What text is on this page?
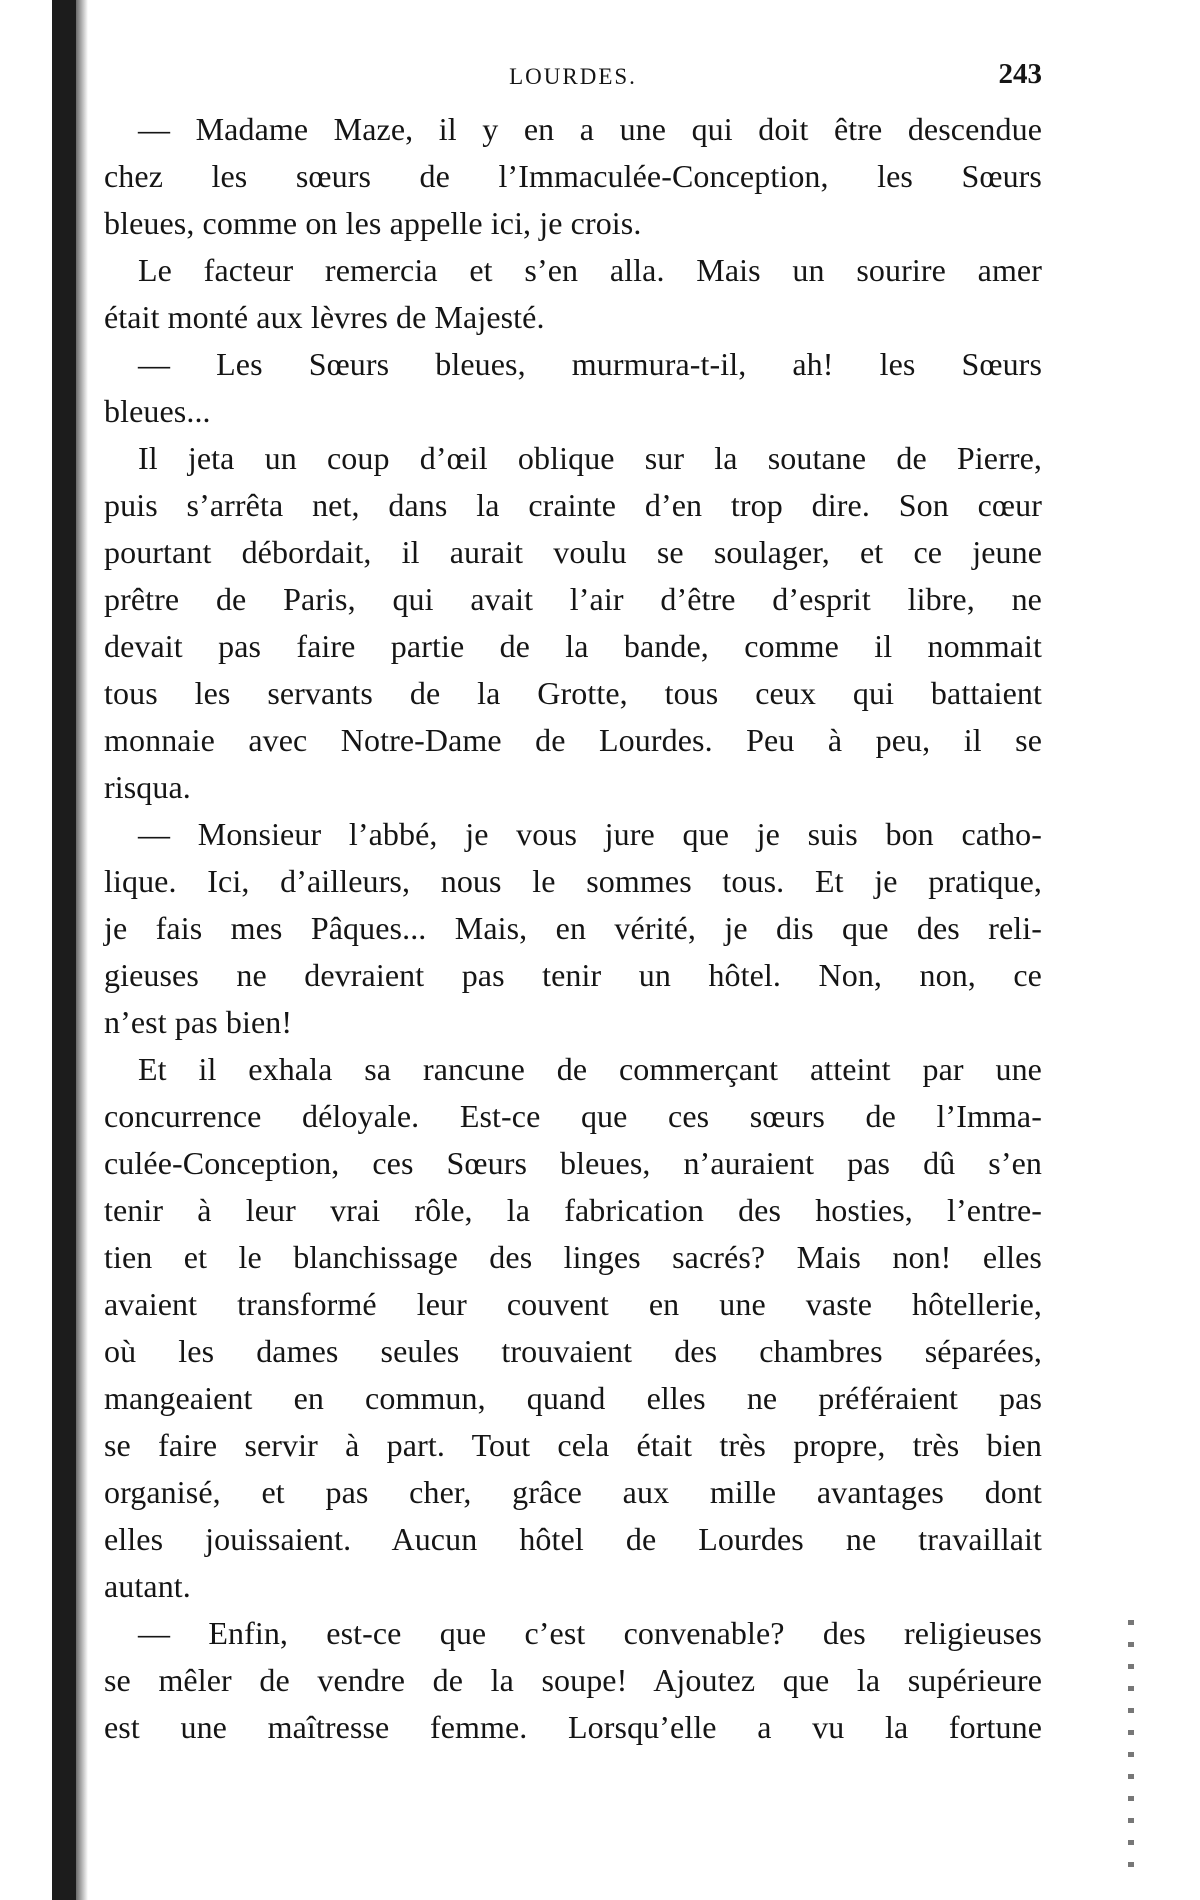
LOURDES.	243
— Madame Maze, il y en a une qui doit être descendue
chez les sœurs de l’Immaculée-Conception, les Sœurs
bleues, comme on les appelle ici, je crois.
Le facteur remercia et s’en alla. Mais un sourire amer
était monté aux lèvres de Majesté.
— Les Sœurs bleues, murmura-t-il, ah! les Sœurs
bleues...
Il jeta un coup d’œil oblique sur la soutane de Pierre,
puis s’arrêta net, dans la crainte d’en trop dire. Son cœur
pourtant débordait, il aurait voulu se soulager, et ce jeune
prêtre de Paris, qui avait l’air d’être d’esprit libre, ne
devait pas faire partie de la bande, comme il nommait
tous les servants de la Grotte, tous ceux qui battaient
monnaie avec Notre-Dame de Lourdes. Peu à peu, il se
risqua.
— Monsieur l’abbé, je vous jure que je suis bon catho-
lique. Ici, d’ailleurs, nous le sommes tous. Et je pratique,
je fais mes Pâques... Mais, en vérité, je dis que des reli-
gieuses ne devraient pas tenir un hôtel. Non, non, ce
n’est pas bien!
Et il exhala sa rancune de commerçant atteint par une
concurrence déloyale. Est-ce que ces sœurs de l’Imma-
culée-Conception, ces Sœurs bleues, n’auraient pas dû s’en
tenir à leur vrai rôle, la fabrication des hosties, l’entre-
tien et le blanchissage des linges sacrés? Mais non! elles
avaient transformé leur couvent en une vaste hôtellerie,
où les dames seules trouvaient des chambres séparées,
mangeaient en commun, quand elles ne préféraient pas
se faire servir à part. Tout cela était très propre, très bien
organisé, et pas cher, grâce aux mille avantages dont
elles jouissaient. Aucun hôtel de Lourdes ne travaillait
autant.
— Enfin, est-ce que c’est convenable? des religieuses
se mêler de vendre de la soupe! Ajoutez que la supérieure
est une maîtresse femme. Lorsqu’elle a vu la fortune
